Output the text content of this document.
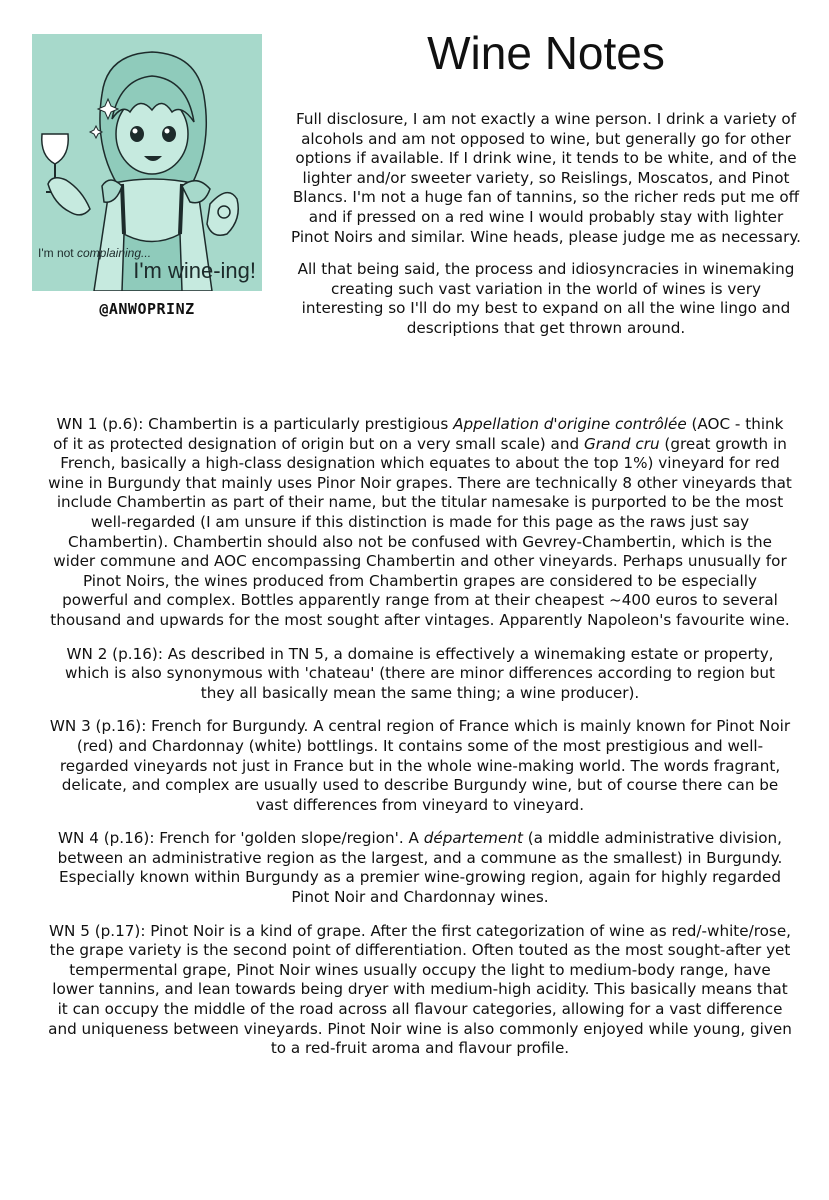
I'm not complaining...
I'm wine-ing!
@ANWOPRINZ
Wine Notes

Full disclosure, I am not exactly a wine person. I drink a variety of alcohols and am not opposed to wine, but generally go for other options if available. If I drink wine, it tends to be white, and of the lighter and/or sweeter variety, so Reislings, Moscatos, and Pinot Blancs. I'm not a huge fan of tannins, so the richer reds put me off and if pressed on a red wine I would probably stay with lighter Pinot Noirs and similar. Wine heads, please judge me as necessary.

All that being said, the process and idiosyncracies in winemaking creating such vast variation in the world of wines is very interesting so I'll do my best to expand on all the wine lingo and descriptions that get thrown around.

WN 1 (p.6): Chambertin is a particularly prestigious Appellation d'origine contrôlée (AOC - think of it as protected designation of origin but on a very small scale) and Grand cru (great growth in French, basically a high-class designation which equates to about the top 1%) vineyard for red wine in Burgundy that mainly uses Pinor Noir grapes. There are technically 8 other vineyards that include Chambertin as part of their name, but the titular namesake is purported to be the most well-regarded (I am unsure if this distinction is made for this page as the raws just say Chambertin). Chambertin should also not be confused with Gevrey-Chambertin, which is the wider commune and AOC encompassing Chambertin and other vineyards. Perhaps unusually for Pinot Noirs, the wines produced from Chambertin grapes are considered to be especially powerful and complex. Bottles apparently range from at their cheapest ~400 euros to several thousand and upwards for the most sought after vintages. Apparently Napoleon's favourite wine.

WN 2 (p.16): As described in TN 5, a domaine is effectively a winemaking estate or property, which is also synonymous with 'chateau' (there are minor differences according to region but they all basically mean the same thing; a wine producer).

WN 3 (p.16): French for Burgundy. A central region of France which is mainly known for Pinot Noir (red) and Chardonnay (white) bottlings. It contains some of the most prestigious and well-regarded vineyards not just in France but in the whole wine-making world. The words fragrant, delicate, and complex are usually used to describe Burgundy wine, but of course there can be vast differences from vineyard to vineyard.

WN 4 (p.16): French for 'golden slope/region'. A département (a middle administrative division, between an administrative region as the largest, and a commune as the smallest) in Burgundy. Especially known within Burgundy as a premier wine-growing region, again for highly regarded Pinot Noir and Chardonnay wines.

WN 5 (p.17): Pinot Noir is a kind of grape. After the first categorization of wine as red/-white/rose, the grape variety is the second point of differentiation. Often touted as the most sought-after yet tempermental grape, Pinot Noir wines usually occupy the light to medium-body range, have lower tannins, and lean towards being dryer with medium-high acidity. This basically means that it can occupy the middle of the road across all flavour categories, allowing for a vast difference and uniqueness between vineyards. Pinot Noir wine is also commonly enjoyed while young, given to a red-fruit aroma and flavour profile.
